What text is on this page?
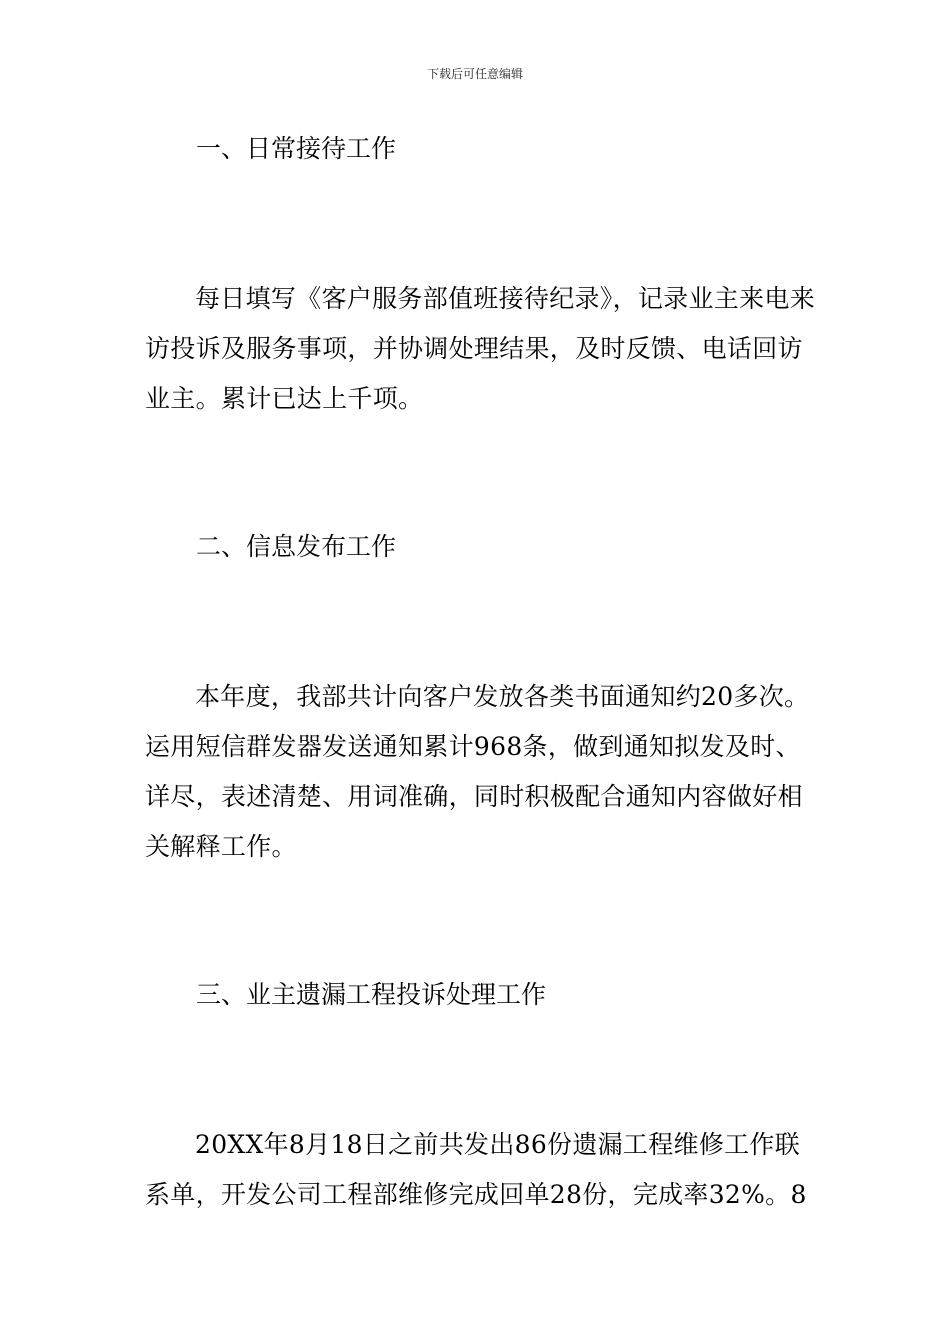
下载后可任意编辑
一、日常接待工作
每日填写《客户服务部值班接待纪录》，记录业主来电来访投诉及服务事项，并协调处理结果，及时反馈、电话回访业主。累计已达上千项。
二、信息发布工作
本年度，我部共计向客户发放各类书面通知约20多次。运用短信群发器发送通知累计968条，做到通知拟发及时、详尽，表述清楚、用词准确，同时积极配合通知内容做好相关解释工作。
三、业主遗漏工程投诉处理工作
20XX年8月18日之前共发出86份遗漏工程维修工作联系单，开发公司工程部维修完成回单28份，完成率32%。8
